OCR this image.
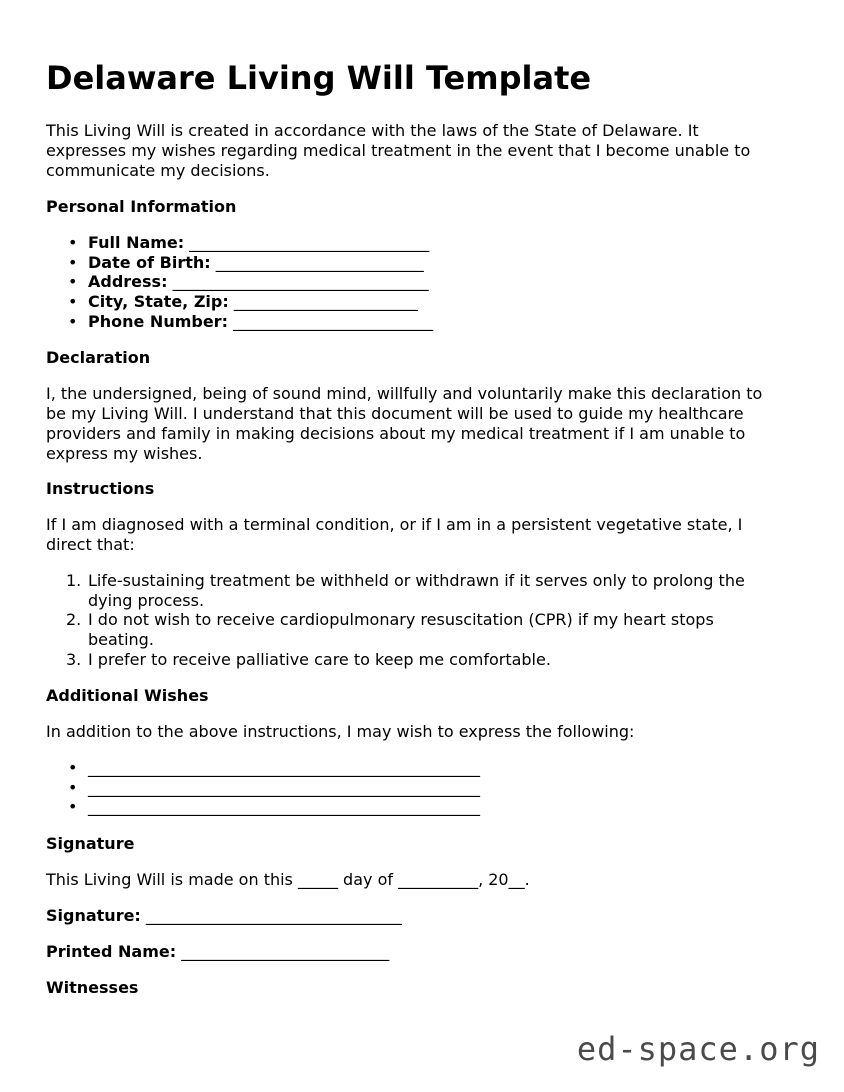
Delaware Living Will Template

This Living Will is created in accordance with the laws of the State of Delaware. It

expresses my wishes regarding medical treatment in the event that I become unable to

communicate my decisions.

Personal Information

• Full Name: ______________________________
• Date of Birth: __________________________
• Address: ________________________________
• City, State, Zip: _______________________
• Phone Number: _________________________

Declaration

I, the undersigned, being of sound mind, willfully and voluntarily make this declaration to

be my Living Will. I understand that this document will be used to guide my healthcare

providers and family in making decisions about my medical treatment if I am unable to

express my wishes.

Instructions

If I am diagnosed with a terminal condition, or if I am in a persistent vegetative state, I

direct that:

1. Life-sustaining treatment be withheld or withdrawn if it serves only to prolong the
dying process.
2. I do not wish to receive cardiopulmonary resuscitation (CPR) if my heart stops
beating.
3. I prefer to receive palliative care to keep me comfortable.

Additional Wishes

In addition to the above instructions, I may wish to express the following:

• _________________________________________________
• _________________________________________________
• _________________________________________________

Signature

This Living Will is made on this _____ day of __________, 20__.

Signature: ________________________________

Printed Name: __________________________

Witnesses

ed-space.org
